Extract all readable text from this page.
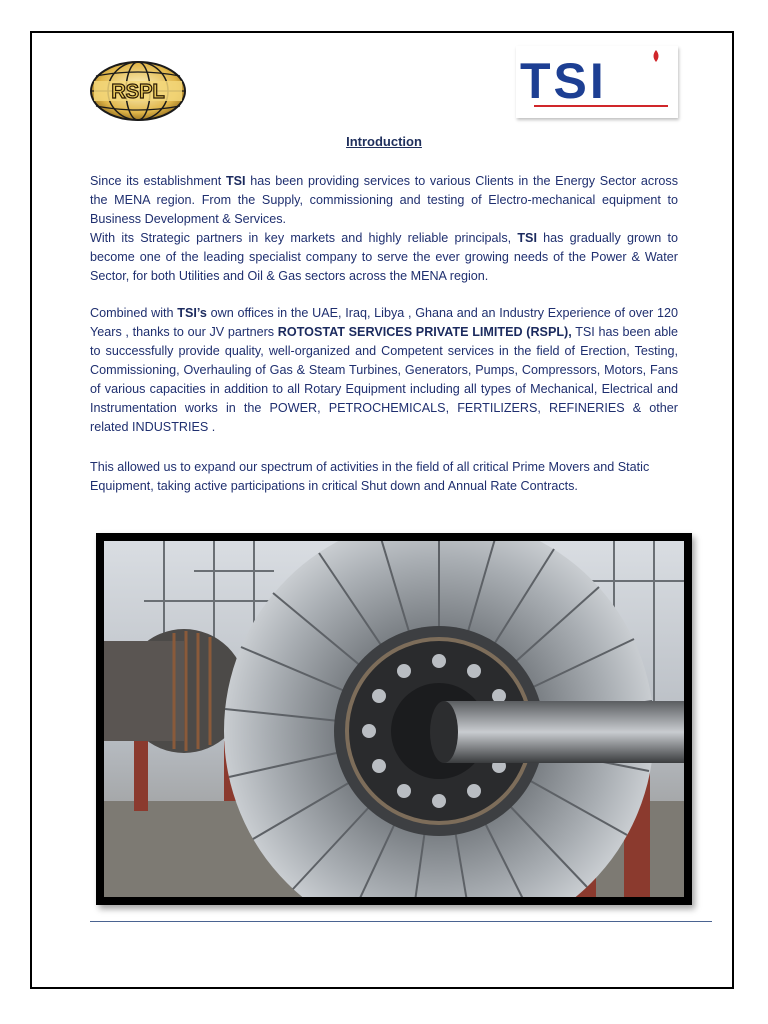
RSPL	TSI
Introduction
Since its establishment TSI has been providing services to various Clients in the Energy Sector across the MENA region. From the Supply, commissioning and testing of Electro-mechanical equipment to Business Development & Services.
With its Strategic partners in key markets and highly reliable principals, TSI has gradually grown to become one of the leading specialist company to serve the ever growing needs of the Power & Water Sector, for both Utilities and Oil & Gas sectors across the MENA region.
Combined with TSI’s own offices in the UAE, Iraq, Libya , Ghana and an Industry Experience of over 120 Years , thanks to our JV partners ROTOSTAT SERVICES PRIVATE LIMITED (RSPL), TSI has been able to successfully provide quality, well-organized and Competent services in the field of Erection, Testing, Commissioning, Overhauling of Gas & Steam Turbines, Generators, Pumps, Compressors, Motors, Fans of various capacities in addition to all Rotary Equipment including all types of Mechanical, Electrical and Instrumentation works in the POWER, PETROCHEMICALS, FERTILIZERS, REFINERIES & other related INDUSTRIES .
This allowed us to expand our spectrum of activities in the field of all critical Prime Movers and Static Equipment, taking active participations in critical Shut down and Annual Rate Contracts.
